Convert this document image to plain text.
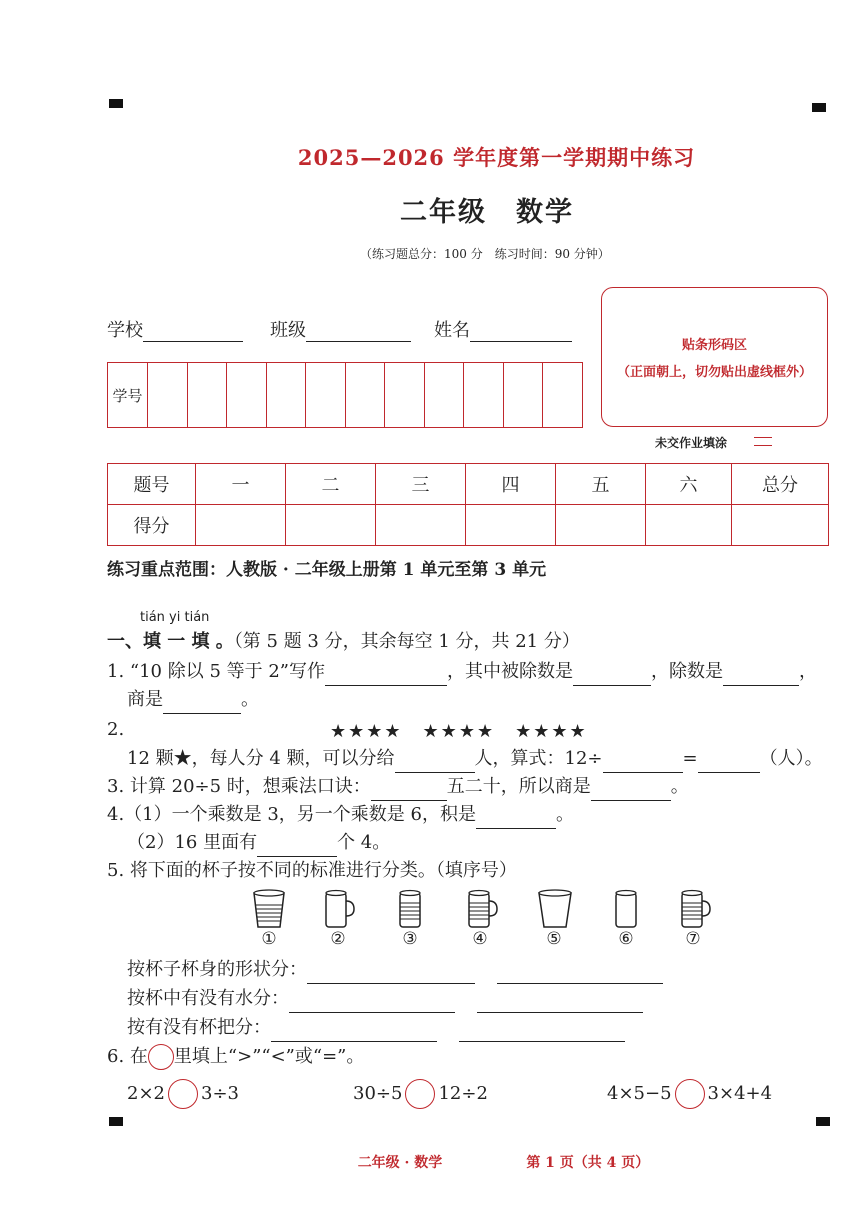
2025—2026 学年度第一学期期中练习
二年级　数学
（练习题总分：100 分　练习时间：90 分钟）
学校	班级	姓名
学号											
贴条形码区
（正面朝上，切勿贴出虚线框外）
未交作业填涂
题号	一	二	三	四	五	六	总分
得分							
练习重点范围：人教版 · 二年级上册第 1 单元至第 3 单元
tián yi tián
一、填 一 填 。（第 5 题 3 分，其余每空 1 分，共 21 分）
1. “10 除以 5 等于 2”写作	，其中被除数是	，除数是	，
商是	。
2.	★★★★　★★★★　★★★★
12 颗★，每人分 4 颗，可以分给	人，算式：12÷	=	（人）。
3. 计算 20÷5 时，想乘法口诀：	五二十，所以商是	。
4.（1）一个乘数是 3，另一个乘数是 6，积是	。
（2）16 里面有	个 4。
5. 将下面的杯子按不同的标准进行分类。（填序号）
①	②	③	④	⑤	⑥	⑦
按杯子杯身的形状分：
按杯中有没有水分：
按有没有杯把分：
6. 在 里填上“>”“<”或“=”。
2×2 3÷3	30÷5 12÷2	4×5−5 3×4+4
二年级 · 数学　	第 1 页（共 4 页）
